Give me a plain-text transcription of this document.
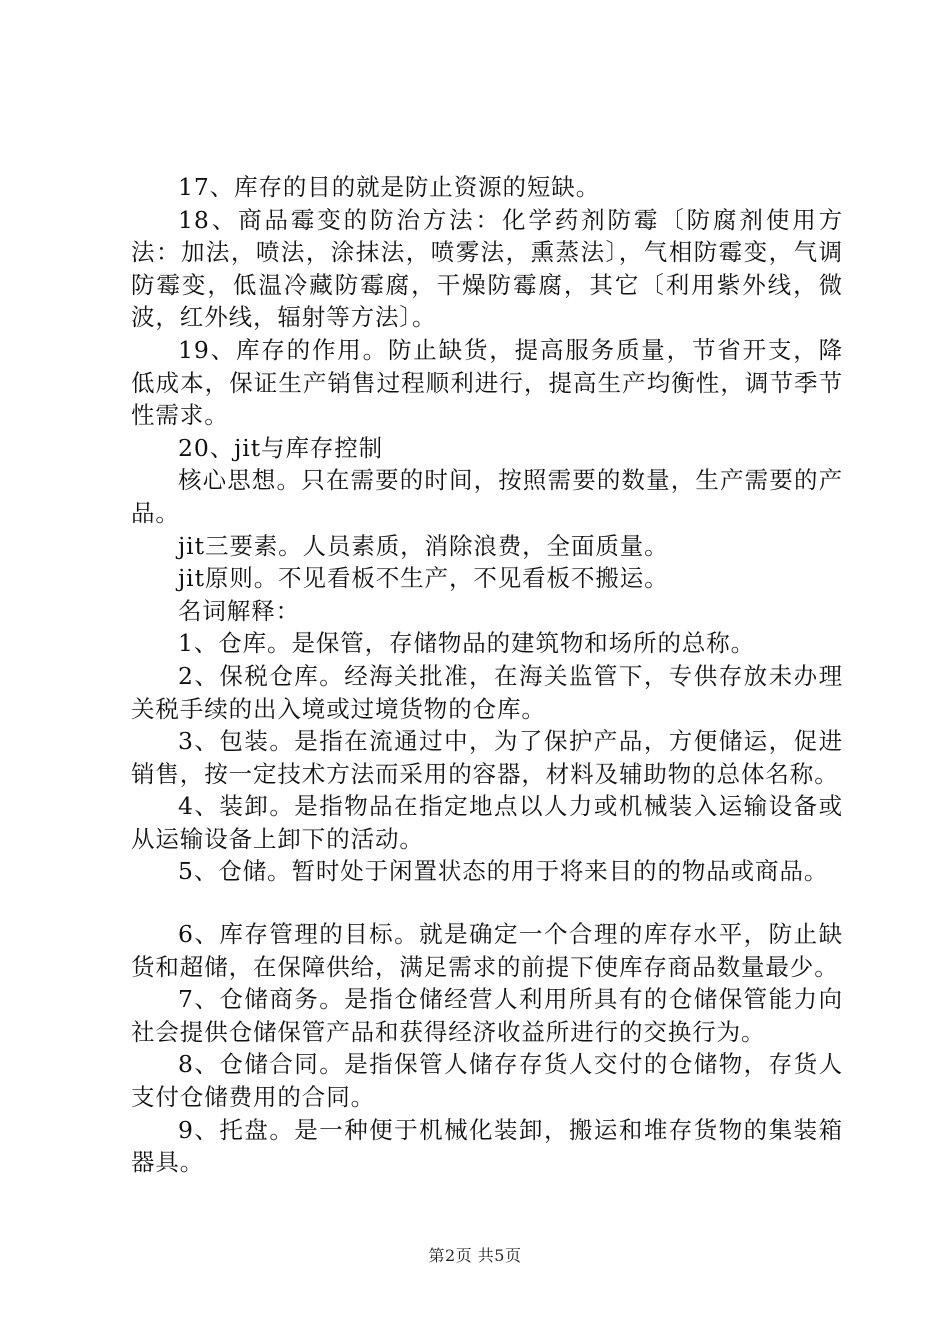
17、库存的目的就是防止资源的短缺。

18、商品霉变的防治方法：化学药剂防霉〔防腐剂使用方法：加法，喷法，涂抹法，喷雾法，熏蒸法〕，气相防霉变，气调防霉变，低温冷藏防霉腐，干燥防霉腐，其它〔利用紫外线，微波，红外线，辐射等方法〕。

19、库存的作用。防止缺货，提高服务质量，节省开支，降低成本，保证生产销售过程顺利进行，提高生产均衡性，调节季节性需求。

20、jit与库存控制

核心思想。只在需要的时间，按照需要的数量，生产需要的产品。

jit三要素。人员素质，消除浪费，全面质量。

jit原则。不见看板不生产，不见看板不搬运。

名词解释：

1、仓库。是保管，存储物品的建筑物和场所的总称。

2、保税仓库。经海关批准，在海关监管下，专供存放未办理关税手续的出入境或过境货物的仓库。

3、包装。是指在流通过中，为了保护产品，方便储运，促进销售，按一定技术方法而采用的容器，材料及辅助物的总体名称。

4、装卸。是指物品在指定地点以人力或机械装入运输设备或从运输设备上卸下的活动。

5、仓储。暂时处于闲置状态的用于将来目的的物品或商品。

6、库存管理的目标。就是确定一个合理的库存水平，防止缺货和超储，在保障供给，满足需求的前提下使库存商品数量最少。

7、仓储商务。是指仓储经营人利用所具有的仓储保管能力向社会提供仓储保管产品和获得经济收益所进行的交换行为。

8、仓储合同。是指保管人储存存货人交付的仓储物，存货人支付仓储费用的合同。

9、托盘。是一种便于机械化装卸，搬运和堆存货物的集装箱器具。

第2页 共5页
